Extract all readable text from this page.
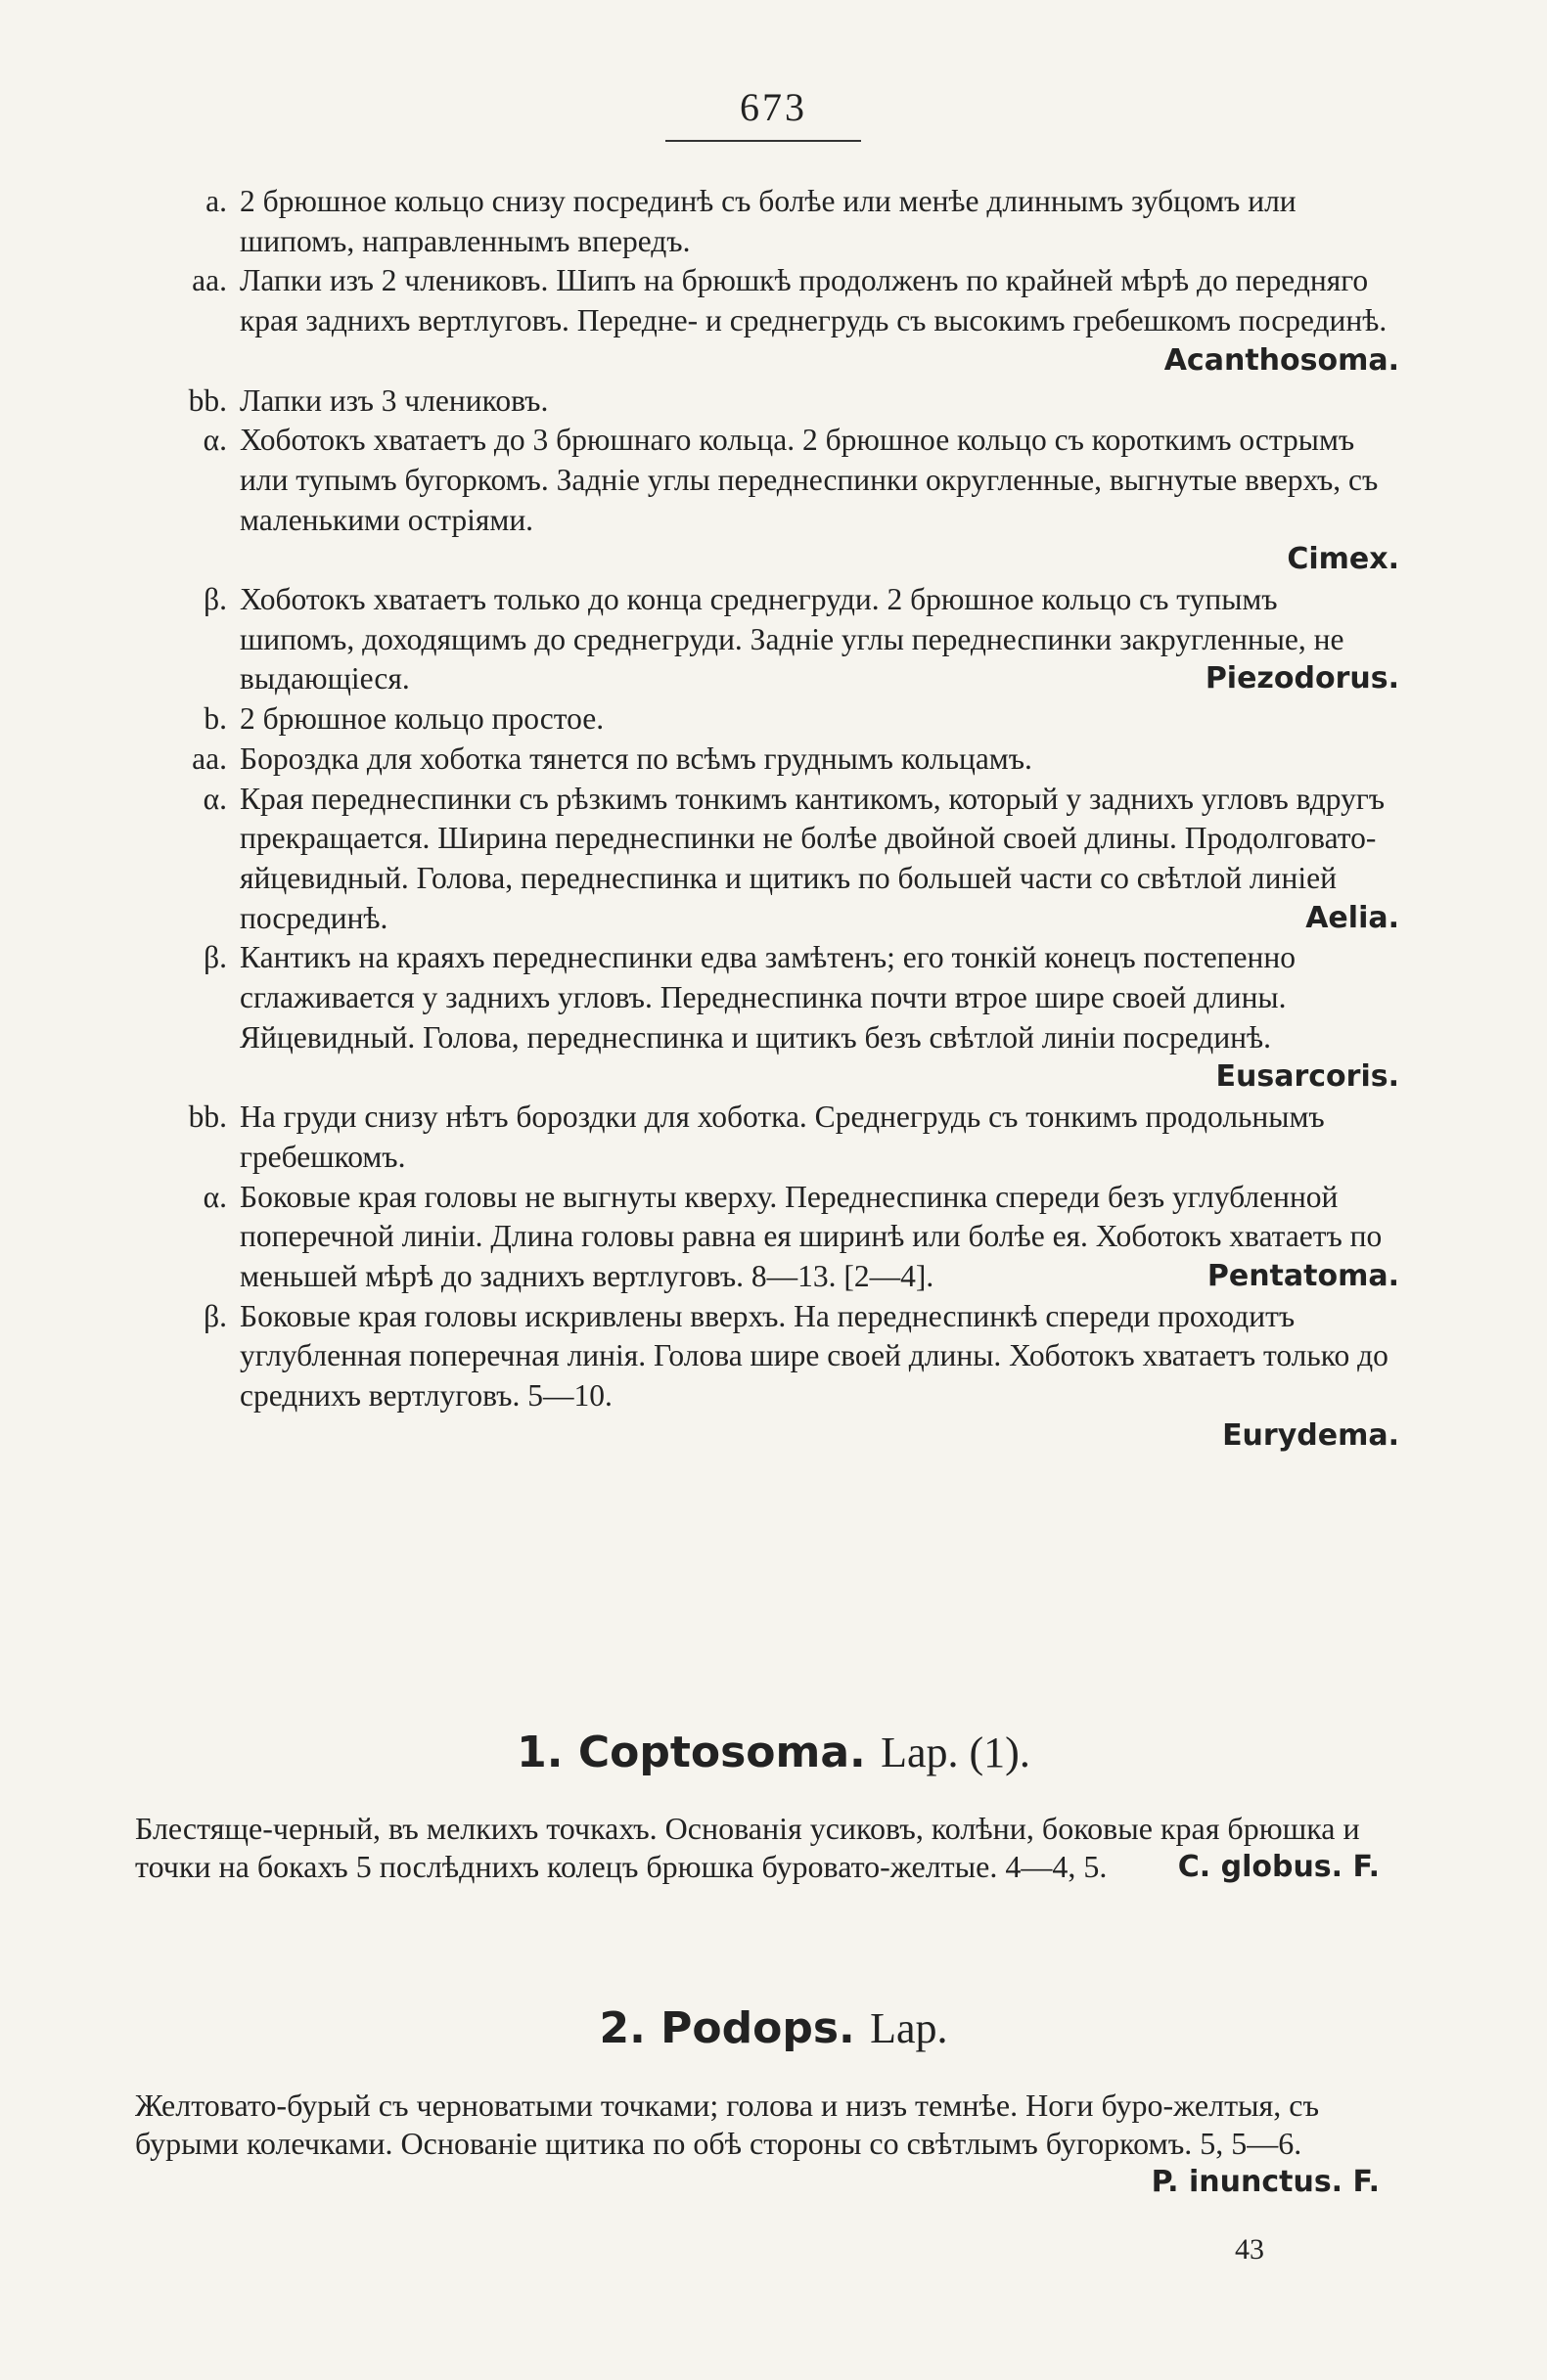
673
a. 2 брюшное кольцо снизу посрединѣ съ болѣе или менѣе длиннымъ зубцомъ или шипомъ, направленнымъ впередъ.
aa. Лапки изъ 2 члениковъ. Шипъ на брюшкѣ продолженъ по крайней мѣрѣ до передняго края заднихъ вертлуговъ. Передне- и среднегрудь съ высокимъ гребешкомъ посрединѣ.
Acanthosoma.
bb. Лапки изъ 3 члениковъ.
α. Хоботокъ хватаетъ до 3 брюшнаго кольца. 2 брюшное кольцо съ короткимъ острымъ или тупымъ бугоркомъ. Задніе углы переднеспинки округленные, выгнутые вверхъ, съ маленькими остріями.
Cimex.
β. Хоботокъ хватаетъ только до конца среднегруди. 2 брюшное кольцо съ тупымъ шипомъ, доходящимъ до среднегруди. Задніе углы переднеспинки закругленные, не выдающіеся.	Piezodorus.
b. 2 брюшное кольцо простое.
aa. Бороздка для хоботка тянется по всѣмъ груднымъ кольцамъ.
α. Края переднеспинки съ рѣзкимъ тонкимъ кантикомъ, который у заднихъ угловъ вдругъ прекращается. Ширина переднеспинки не болѣе двойной своей длины. Продолговато-яйцевидный. Голова, переднеспинка и щитикъ по большей части со свѣтлой линіей посрединѣ.	Aelia.
β. Кантикъ на краяхъ переднеспинки едва замѣтенъ; его тонкій конецъ постепенно сглаживается у заднихъ угловъ. Переднеспинка почти втрое шире своей длины. Яйцевидный. Голова, переднеспинка и щитикъ безъ свѣтлой линіи посрединѣ.
Eusarcoris.
bb. На груди снизу нѣтъ бороздки для хоботка. Среднегрудь съ тонкимъ продольнымъ гребешкомъ.
α. Боковые края головы не выгнуты кверху. Переднеспинка спереди безъ углубленной поперечной линіи. Длина головы равна ея ширинѣ или болѣе ея. Хоботокъ хватаетъ по меньшей мѣрѣ до заднихъ вертлуговъ. 8—13. [2—4].	Pentatoma.
β. Боковые края головы искривлены вверхъ. На переднеспинкѣ спереди проходитъ углубленная поперечная линія. Голова шире своей длины. Хоботокъ хватаетъ только до среднихъ вертлуговъ. 5—10.
Eurydema.
1. Coptosoma. Lap. (1).
Блестяще-черный, въ мелкихъ точкахъ. Основанія усиковъ, колѣни, боковые края брюшка и точки на бокахъ 5 послѣднихъ колецъ брюшка буровато-желтые. 4—4, 5. C. globus. F.
2. Podops. Lap.
Желтовато-бурый съ черноватыми точками; голова и низъ темнѣе. Ноги буро-желтыя, съ бурыми колечками. Основаніе щитика по обѣ стороны со свѣтлымъ бугоркомъ. 5, 5—6.
P. inunctus. F.
43
